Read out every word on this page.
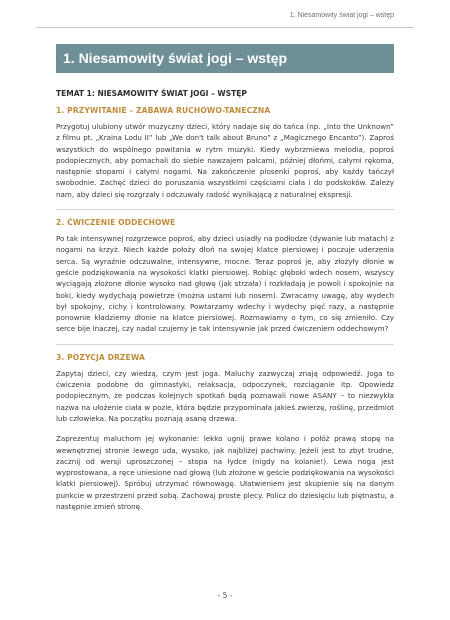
1. Niesamowity świat jogi – wstęp
1. Niesamowity świat jogi – wstęp
TEMAT 1: NIESAMOWITY ŚWIAT JOGI – WSTĘP
1. PRZYWITANIE – ZABAWA RUCHOWO-TANECZNA

Przygotuj ulubiony utwór muzyczny dzieci, który nadaje się do tańca (np. „Into the Unknown” z filmu pt. „Kraina Lodu II” lub „We don't talk about Bruno” z „Magicznego Encanto”). Zaproś wszystkich do wspólnego powitania w rytm muzyki. Kiedy wybrzmiewa melodia, poproś podopiecznych, aby pomachali do siebie nawzajem palcami, później dłońmi, całymi rękoma, następnie stopami i całymi nogami. Na zakończenie piosenki poproś, aby każdy tańczył swobodnie. Zachęć dzieci do poruszania wszystkimi częściami ciała i do podskoków. Zależy nam, aby dzieci się rozgrzały i odczuwały radość wynikającą z naturalnej ekspresji.

2. ĆWICZENIE ODDECHOWE

Po tak intensywnej rozgrzewce poproś, aby dzieci usiadły na podłodze (dywanie lub matach) z nogami na krzyż. Niech każde położy dłoń na swojej klatce piersiowej i poczuje uderzenia serca. Są wyraźnie odczuwalne, intensywne, mocne. Teraz poproś je, aby złożyły dłonie w geście podziękowania na wysokości klatki piersiowej. Robiąc głęboki wdech nosem, wszyscy wyciągają złożone dłonie wysoko nad głowę (jak strzała) i rozkładają je powoli i spokojnie na boki, kiedy wydychają powietrze (można ustami lub nosem). Zwracamy uwagę, aby wydech był spokojny, cichy i kontrolowany. Powtarzamy wdechy i wydechy pięć razy, a następnie ponownie kładziemy dłonie na klatce piersiowej. Rozmawiamy o tym, co się zmieniło. Czy serce bije inaczej, czy nadal czujemy je tak intensywnie jak przed ćwiczeniem oddechowym?

3. POZYCJA DRZEWA

Zapytaj dzieci, czy wiedzą, czym jest joga. Maluchy zazwyczaj znają odpowiedź. Joga to ćwiczenia podobne do gimnastyki, relaksacja, odpoczynek, rozciąganie itp. Opowiedz podopiecznym, że podczas kolejnych spotkań będą poznawali nowe ASANY – to niezwykła nazwa na ułożenie ciała w pozie, która będzie przypominała jakieś zwierzę, roślinę, przedmiot lub człowieka. Na początku poznają asanę drzewa.

Zaprezentuj maluchom jej wykonanie: lekko ugnij prawe kolano i połóż prawą stopę na wewnętrznej stronie lewego uda, wysoko, jak najbliżej pachwiny. Jeżeli jest to zbyt trudne, zacznij od wersji uproszczonej – stopa na łydce (nigdy na kolanie!). Lewa noga jest wyprostowana, a ręce uniesione nad głową (lub złożone w geście podziękowania na wysokości klatki piersiowej). Spróbuj utrzymać równowagę. Ułatwieniem jest skupienie się na danym punkcie w przestrzeni przed sobą. Zachowaj proste plecy. Policz do dziesięciu lub piętnastu, a następnie zmień stronę.

- 5 -
